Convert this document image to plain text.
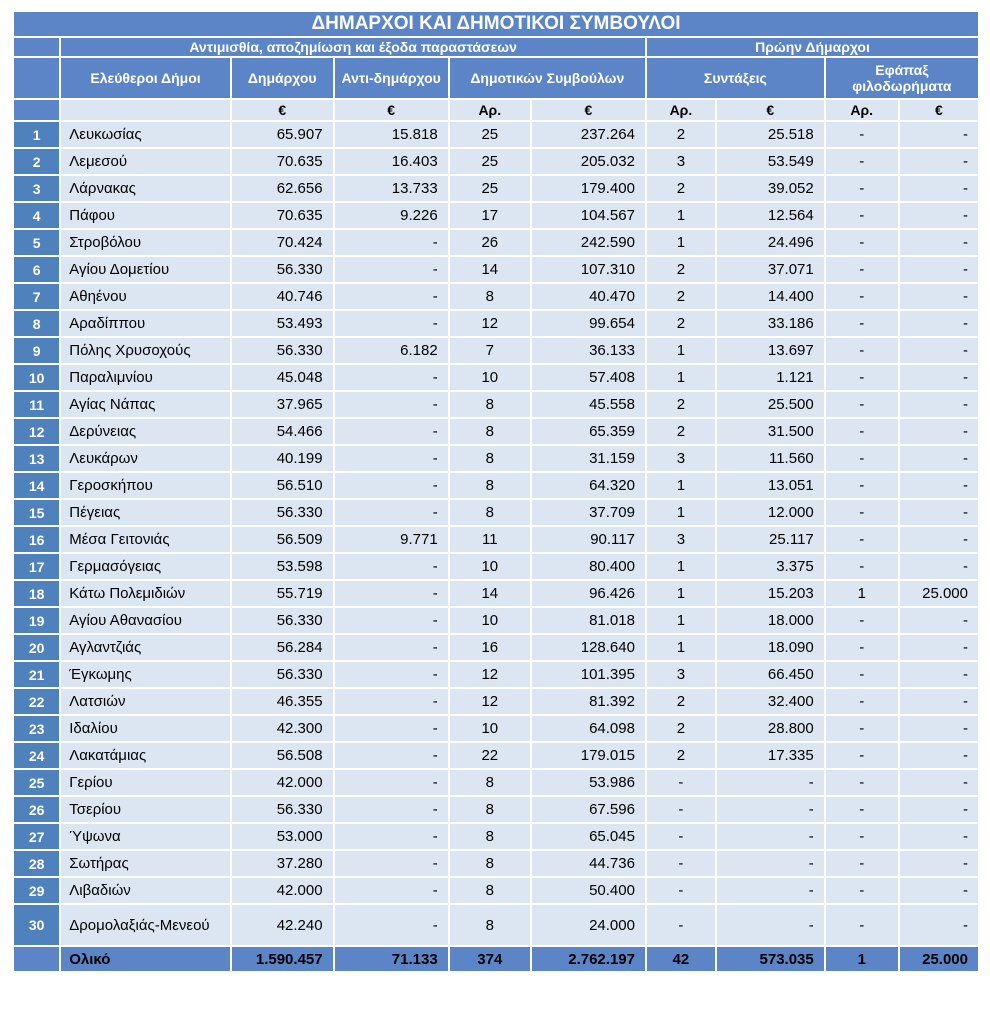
ΔΗΜΑΡΧΟΙ ΚΑΙ ΔΗΜΟΤΙΚΟΙ ΣΥΜΒΟΥΛΟΙ									
	Αντιμισθία, αποζημίωση και έξοδα παραστάσεων					Πρώην Δήμαρχοι			
	Ελεύθεροι Δήμοι	Δημάρχου	Αντι-δημάρχου	Δημοτικών Συμβούλων		Συντάξεις		Εφάπαξ φιλοδωρήματα	
		€	€	Αρ.	€	Αρ.	€	Αρ.	€
1	Λευκωσίας	65.907	15.818	25	237.264	2	25.518	-	-
2	Λεμεσού	70.635	16.403	25	205.032	3	53.549	-	-
3	Λάρνακας	62.656	13.733	25	179.400	2	39.052	-	-
4	Πάφου	70.635	9.226	17	104.567	1	12.564	-	-
5	Στροβόλου	70.424	-	26	242.590	1	24.496	-	-
6	Αγίου Δομετίου	56.330	-	14	107.310	2	37.071	-	-
7	Αθηένου	40.746	-	8	40.470	2	14.400	-	-
8	Αραδίππου	53.493	-	12	99.654	2	33.186	-	-
9	Πόλης Χρυσοχούς	56.330	6.182	7	36.133	1	13.697	-	-
10	Παραλιμνίου	45.048	-	10	57.408	1	1.121	-	-
11	Αγίας Νάπας	37.965	-	8	45.558	2	25.500	-	-
12	Δερύνειας	54.466	-	8	65.359	2	31.500	-	-
13	Λευκάρων	40.199	-	8	31.159	3	11.560	-	-
14	Γεροσκήπου	56.510	-	8	64.320	1	13.051	-	-
15	Πέγειας	56.330	-	8	37.709	1	12.000	-	-
16	Μέσα Γειτονιάς	56.509	9.771	11	90.117	3	25.117	-	-
17	Γερμασόγειας	53.598	-	10	80.400	1	3.375	-	-
18	Κάτω Πολεμιδιών	55.719	-	14	96.426	1	15.203	1	25.000
19	Αγίου Αθανασίου	56.330	-	10	81.018	1	18.000	-	-
20	Αγλαντζιάς	56.284	-	16	128.640	1	18.090	-	-
21	Έγκωμης	56.330	-	12	101.395	3	66.450	-	-
22	Λατσιών	46.355	-	12	81.392	2	32.400	-	-
23	Ιδαλίου	42.300	-	10	64.098	2	28.800	-	-
24	Λακατάμιας	56.508	-	22	179.015	2	17.335	-	-
25	Γερίου	42.000	-	8	53.986	-	-	-	-
26	Τσερίου	56.330	-	8	67.596	-	-	-	-
27	Ύψωνα	53.000	-	8	65.045	-	-	-	-
28	Σωτήρας	37.280	-	8	44.736	-	-	-	-
29	Λιβαδιών	42.000	-	8	50.400	-	-	-	-
30	Δρομολαξιάς-Μενεού	42.240	-	8	24.000	-	-	-	-
	Ολικό	1.590.457	71.133	374	2.762.197	42	573.035	1	25.000
